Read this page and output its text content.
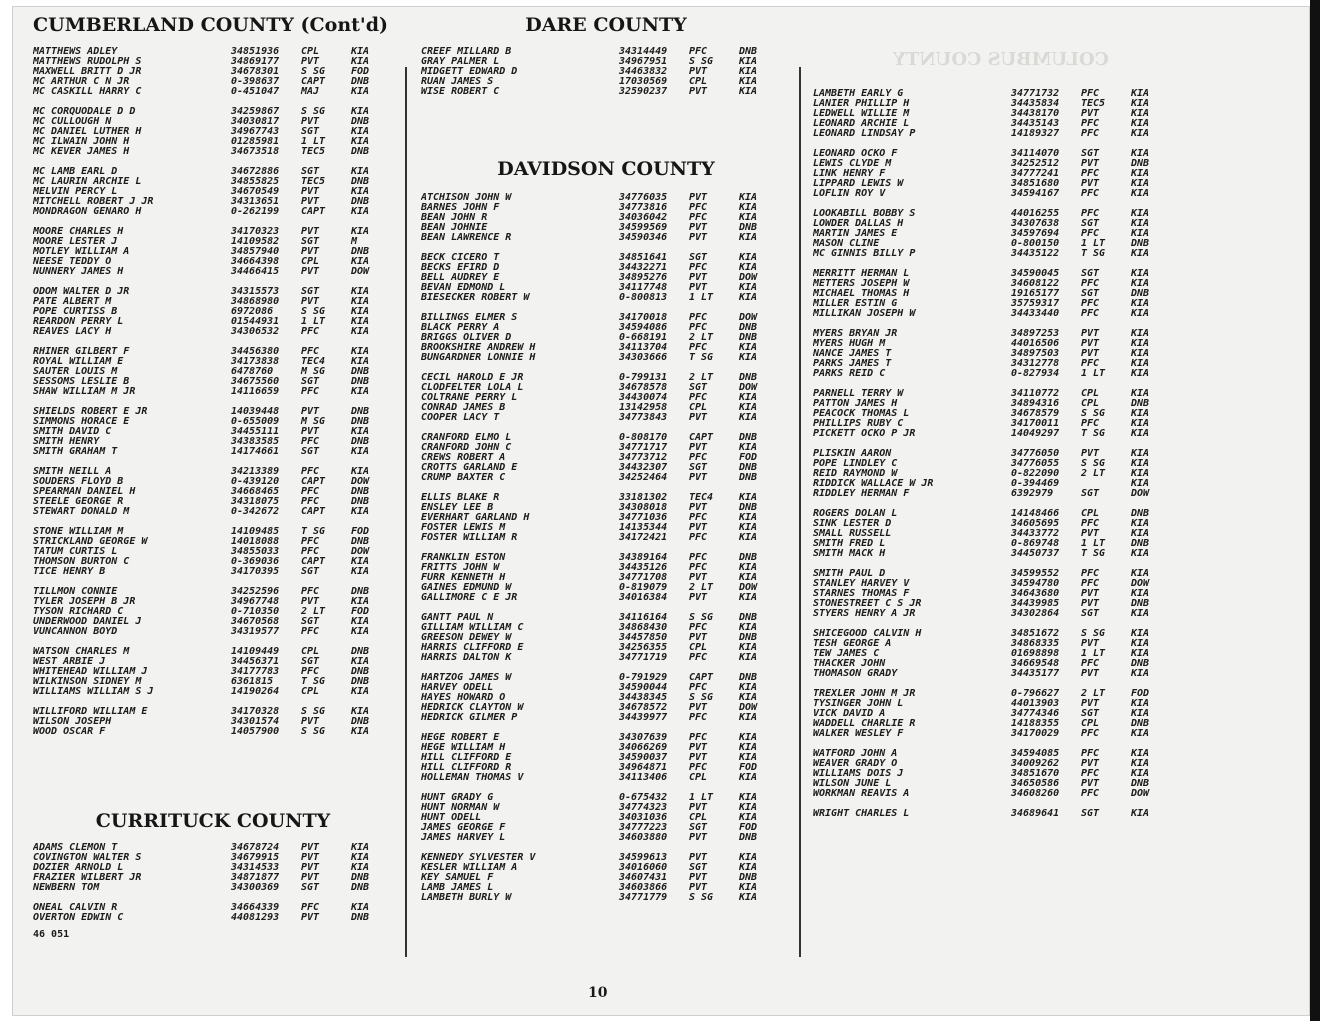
COLUMBUS COUNTY
CUMBERLAND COUNTY (Cont'd)
MATTHEWS ADLEY	34851936 CPL	KIA
MATTHEWS RUDOLPH S	34869177 PVT	KIA
MAXWELL BRITT D JR	34678301 S SG	FOD
MC ARTHUR C N JR	0-398637 CAPT	DNB
MC CASKILL HARRY C	0-451047 MAJ	KIA
MC CORQUODALE D D	34259867 S SG	KIA
MC CULLOUGH N	34030817 PVT	DNB
MC DANIEL LUTHER H	34967743 SGT	KIA
MC ILWAIN JOHN H	01285981 1 LT	KIA
MC KEVER JAMES H	34673518 TEC5	DNB
MC LAMB EARL D	34672886 SGT	KIA
MC LAURIN ARCHIE L	34855825 TEC5	DNB
MELVIN PERCY L	34670549 PVT	KIA
MITCHELL ROBERT J JR	34313651 PVT	DNB
MONDRAGON GENARO H	0-262199 CAPT	KIA
MOORE CHARLES H	34170323 PVT	KIA
MOORE LESTER J	14109582 SGT	M
MOTLEY WILLIAM A	34857940 PVT	DNB
NEESE TEDDY O	34664398 CPL	KIA
NUNNERY JAMES H	34466415 PVT	DOW
ODOM WALTER D JR	34315573 SGT	KIA
PATE ALBERT M	34868980 PVT	KIA
POPE CURTISS B	6972086	S SG	KIA
REARDON PERRY L	01544931 1 LT	KIA
REAVES LACY H	34306532 PFC	KIA
RHINER GILBERT F	34456380 PFC	KIA
ROYAL WILLIAM E	34173838 TEC4	KIA
SAUTER LOUIS M	6478760	M SG	DNB
SESSOMS LESLIE B	34675560 SGT	DNB
SHAW WILLIAM M JR	14116659 PFC	KIA
SHIELDS ROBERT E JR	14039448 PVT	DNB
SIMMONS HORACE E	0-655009 M SG	DNB
SMITH DAVID C	34455111 PVT	KIA
SMITH HENRY	34383585 PFC	DNB
SMITH GRAHAM T	14174661 SGT	KIA
SMITH NEILL A	34213389 PFC	KIA
SOUDERS FLOYD B	0-439120 CAPT	DOW
SPEARMAN DANIEL H	34668465 PFC	DNB
STEELE GEORGE R	34318075 PFC	DNB
STEWART DONALD M	0-342672 CAPT	KIA
STONE WILLIAM M	14109485 T SG	FOD
STRICKLAND GEORGE W	14018088 PFC	DNB
TATUM CURTIS L	34855033 PFC	DOW
THOMSON BURTON C	0-369036 CAPT	KIA
TICE HENRY B	34170395 SGT	KIA
TILLMON CONNIE	34252596 PFC	DNB
TYLER JOSEPH B JR	34967748 PVT	KIA
TYSON RICHARD C	0-710350 2 LT	FOD
UNDERWOOD DANIEL J	34670568 SGT	KIA
VUNCANNON BOYD	34319577 PFC	KIA
WATSON CHARLES M	14109449 CPL	DNB
WEST ARBIE J	34456371 SGT	KIA
WHITEHEAD WILLIAM J	34177783 PFC	DNB
WILKINSON SIDNEY M	6361815	T SG	DNB
WILLIAMS WILLIAM S J	14190264 CPL	KIA
WILLIFORD WILLIAM E	34170328 S SG	KIA
WILSON JOSEPH	34301574 PVT	DNB
WOOD OSCAR F	14057900 S SG	KIA
CURRITUCK COUNTY
ADAMS CLEMON T	34678724 PVT	KIA
COVINGTON WALTER S	34679915 PVT	KIA
DOZIER ARNOLD L	34314533 PVT	KIA
FRAZIER WILBERT JR	34871877 PVT	DNB
NEWBERN TOM	34300369 SGT	DNB
ONEAL CALVIN R	34664339 PFC	KIA
OVERTON EDWIN C	44081293 PVT	DNB
DARE COUNTY
CREEF MILLARD B	34314449 PFC	DNB
GRAY PALMER L	34967951 S SG	KIA
MIDGETT EDWARD D	34463832 PVT	KIA
RUAN JAMES S	17030569 CPL	KIA
WISE ROBERT C	32590237 PVT	KIA
DAVIDSON COUNTY
ATCHISON JOHN W	34776035 PVT	KIA
BARNES JOHN F	34773816 PFC	KIA
BEAN JOHN R	34036042 PFC	KIA
BEAN JOHNIE	34599569 PVT	DNB
BEAN LAWRENCE R	34590346 PVT	KIA
BECK CICERO T	34851641 SGT	KIA
BECKS EFIRD D	34432271 PFC	KIA
BELL AUDREY E	34895276 PVT	DOW
BEVAN EDMOND L	34117748 PVT	KIA
BIESECKER ROBERT W	0-800813 1 LT	KIA
BILLINGS ELMER S	34170018 PFC	DOW
BLACK PERRY A	34594086 PFC	DNB
BRIGGS OLIVER D	0-668191 2 LT	DNB
BROOKSHIRE ANDREW H	34113704 PFC	KIA
BUNGARDNER LONNIE H	34303666 T SG	KIA
CECIL HAROLD E JR	0-799131 2 LT	DNB
CLODFELTER LOLA L	34678578 SGT	DOW
COLTRANE PERRY L	34430074 PFC	KIA
CONRAD JAMES B	13142958 CPL	KIA
COOPER LACY T	34773843 PVT	KIA
CRANFORD ELMO L	0-808170 CAPT	DNB
CRANFORD JOHN C	34771717 PVT	KIA
CREWS ROBERT A	34773712 PFC	FOD
CROTTS GARLAND E	34432307 SGT	DNB
CRUMP BAXTER C	34252464 PVT	DNB
ELLIS BLAKE R	33181302 TEC4	KIA
ENSLEY LEE B	34308018 PVT	DNB
EVERHART GARLAND H	34771036 PFC	KIA
FOSTER LEWIS M	14135344 PVT	KIA
FOSTER WILLIAM R	34172421 PFC	KIA
FRANKLIN ESTON	34389164 PFC	DNB
FRITTS JOHN W	34435126 PFC	KIA
FURR KENNETH H	34771708 PVT	KIA
GAINES EDMUND W	0-819079 2 LT	DOW
GALLIMORE C E JR	34016384 PVT	KIA
GANTT PAUL N	34116164 S SG	DNB
GILLIAM WILLIAM C	34868430 PFC	KIA
GREESON DEWEY W	34457850 PVT	DNB
HARRIS CLIFFORD E	34256355 CPL	KIA
HARRIS DALTON K	34771719 PFC	KIA
HARTZOG JAMES W	0-791929 CAPT	DNB
HARVEY ODELL	34590044 PFC	KIA
HAYES HOWARD O	34438345 S SG	KIA
HEDRICK CLAYTON W	34678572 PVT	DOW
HEDRICK GILMER P	34439977 PFC	KIA
HEGE ROBERT E	34307639 PFC	KIA
HEGE WILLIAM H	34066269 PVT	KIA
HILL CLIFFORD E	34590037 PVT	KIA
HILL CLIFFORD R	34964871 PFC	FOD
HOLLEMAN THOMAS V	34113406 CPL	KIA
HUNT GRADY G	0-675432 1 LT	KIA
HUNT NORMAN W	34774323 PVT	KIA
HUNT ODELL	34031036 CPL	KIA
JAMES GEORGE F	34777223 SGT	FOD
JAMES HARVEY L	34603880 PVT	DNB
KENNEDY SYLVESTER V	34599613 PVT	KIA
KESLER WILLIAM A	34016060 SGT	KIA
KEY SAMUEL F	34607431 PVT	DNB
LAMB JAMES L	34603866 PVT	KIA
LAMBETH BURLY W	34771779 S SG	KIA
LAMBETH EARLY G	34771732 PFC	KIA
LANIER PHILLIP H	34435834 TEC5	KIA
LEDWELL WILLIE M	34438170 PVT	KIA
LEONARD ARCHIE L	34435143 PFC	KIA
LEONARD LINDSAY P	14189327 PFC	KIA
LEONARD OCKO F	34114070 SGT	KIA
LEWIS CLYDE M	34252512 PVT	DNB
LINK HENRY F	34777241 PFC	KIA
LIPPARD LEWIS W	34851680 PVT	KIA
LOFLIN ROY V	34594167 PFC	KIA
LOOKABILL BOBBY S	44016255 PFC	KIA
LOWDER DALLAS H	34307638 SGT	KIA
MARTIN JAMES E	34597694 PFC	KIA
MASON CLINE	0-800150 1 LT	DNB
MC GINNIS BILLY P	34435122 T SG	KIA
MERRITT HERMAN L	34590045 SGT	KIA
METTERS JOSEPH W	34608122 PFC	KIA
MICHAEL THOMAS H	19165177 SGT	DNB
MILLER ESTIN G	35759317 PFC	KIA
MILLIKAN JOSEPH W	34433440 PFC	KIA
MYERS BRYAN JR	34897253 PVT	KIA
MYERS HUGH M	44016506 PVT	KIA
NANCE JAMES T	34897503 PVT	KIA
PARKS JAMES T	34312778 PFC	KIA
PARKS REID C	0-827934 1 LT	KIA
PARNELL TERRY W	34110772 CPL	KIA
PATTON JAMES H	34894316 CPL	DNB
PEACOCK THOMAS L	34678579 S SG	KIA
PHILLIPS RUBY C	34170011 PFC	KIA
PICKETT OCKO P JR	14049297 T SG	KIA
PLISKIN AARON	34776050 PVT	KIA
POPE LINDLEY C	34776055 S SG	KIA
REID RAYMOND W	0-822090 2 LT	KIA
RIDDICK WALLACE W JR	0-394469	KIA
RIDDLEY HERMAN F	6392979	SGT	DOW
ROGERS DOLAN L	14148466 CPL	DNB
SINK LESTER D	34605695 PFC	KIA
SMALL RUSSELL	34433772 PVT	KIA
SMITH FRED L	0-869748 1 LT	DNB
SMITH MACK H	34450737 T SG	KIA
SMITH PAUL D	34599552 PFC	KIA
STANLEY HARVEY V	34594780 PFC	DOW
STARNES THOMAS F	34643680 PVT	KIA
STONESTREET C S JR	34439985 PVT	DNB
STYERS HENRY A JR	34302864 SGT	KIA
SHICEGOOD CALVIN H	34851672 S SG	KIA
TESH GEORGE A	34868335 PVT	KIA
TEW JAMES C	01698898 1 LT	KIA
THACKER JOHN	34669548 PFC	DNB
THOMASON GRADY	34435177 PVT	KIA
TREXLER JOHN M JR	0-796627 2 LT	FOD
TYSINGER JOHN L	44013903 PVT	KIA
VICK DAVID A	34774346 SGT	KIA
WADDELL CHARLIE R	14188355 CPL	DNB
WALKER WESLEY F	34170029 PFC	KIA
WATFORD JOHN A	34594085 PFC	KIA
WEAVER GRADY O	34009262 PVT	KIA
WILLIAMS DOIS J	34851670 PFC	KIA
WILSON JUNE L	34650586 PVT	DNB
WORKMAN REAVIS A	34608260 PFC	DOW
WRIGHT CHARLES L	34689641 SGT	KIA
46 051
10
